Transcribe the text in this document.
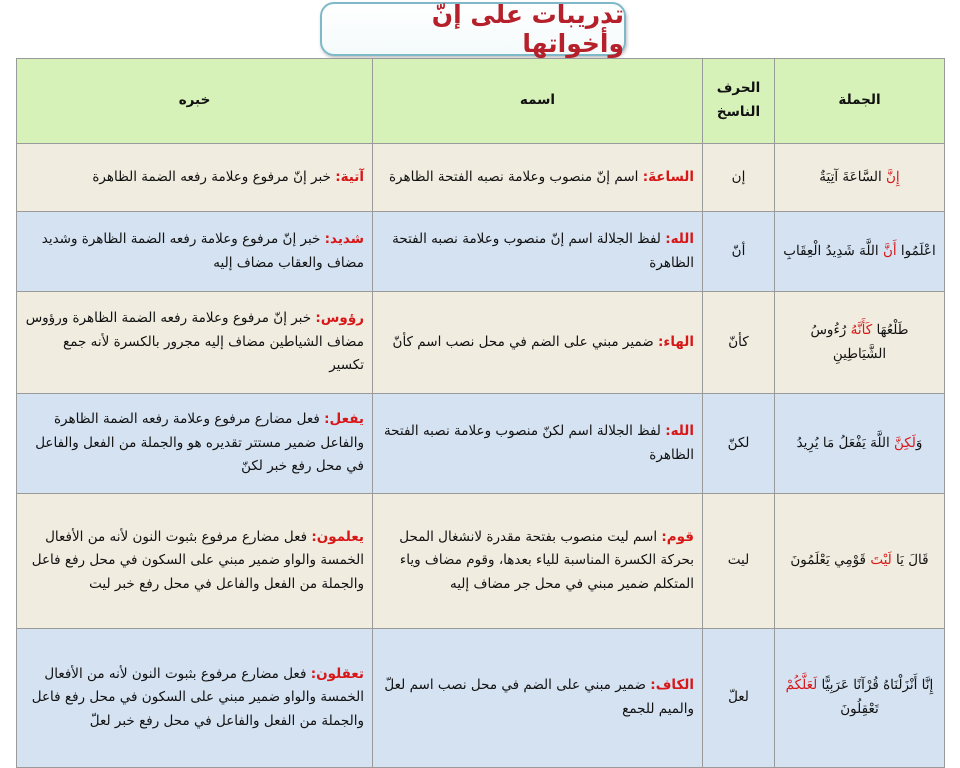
تدريبات على إنّ وأخواتها
الجملة	الحرف الناسخ	اسمه	خبره
إِنَّ السَّاعَةَ آتِيَةٌ	إن	الساعةَ: اسم إنّ منصوب وعلامة نصبه الفتحة الظاهرة	آتية: خبر إنّ مرفوع وعلامة رفعه الضمة الظاهرة
اعْلَمُوا أَنَّ اللَّهَ شَدِيدُ الْعِقَابِ	أنّ	الله: لفظ الجلالة اسم إنّ منصوب وعلامة نصبه الفتحة الظاهرة	شديد: خبر إنّ مرفوع وعلامة رفعه الضمة الظاهرة وشديد مضاف والعقاب مضاف إليه
طَلْعُهَا كَأَنَّهُ رُءُوسُ الشَّيَاطِينِ	كأنّ	الهاء: ضمير مبني على الضم في محل نصب اسم كأنّ	رؤوس: خبر إنّ مرفوع وعلامة رفعه الضمة الظاهرة ورؤوس مضاف الشياطين مضاف إليه مجرور بالكسرة لأنه جمع تكسير
وَلَكِنَّ اللَّهَ يَفْعَلُ مَا يُرِيدُ	لكنّ	الله: لفظ الجلالة اسم لكنّ منصوب وعلامة نصبه الفتحة الظاهرة	يفعل: فعل مضارع مرفوع وعلامة رفعه الضمة الظاهرة والفاعل ضمير مستتر تقديره هو والجملة من الفعل والفاعل في محل رفع خبر لكنّ
قَالَ يَا لَيْتَ قَوْمِي يَعْلَمُونَ	ليت	قوم: اسم ليت منصوب بفتحة مقدرة لانشغال المحل بحركة الكسرة المناسبة للياء بعدها، وقوم مضاف وياء المتكلم ضمير مبني في محل جر مضاف إليه	يعلمون: فعل مضارع مرفوع بثبوت النون لأنه من الأفعال الخمسة والواو ضمير مبني على السكون في محل رفع فاعل والجملة من الفعل والفاعل في محل رفع خبر ليت
إِنَّا أَنْزَلْنَاهُ قُرْآنًا عَرَبِيًّا لَعَلَّكُمْ تَعْقِلُونَ	لعلّ	الكاف: ضمير مبني على الضم في محل نصب اسم لعلّ والميم للجمع	تعقلون: فعل مضارع مرفوع بثبوت النون لأنه من الأفعال الخمسة والواو ضمير مبني على السكون في محل رفع فاعل والجملة من الفعل والفاعل في محل رفع خبر لعلّ
